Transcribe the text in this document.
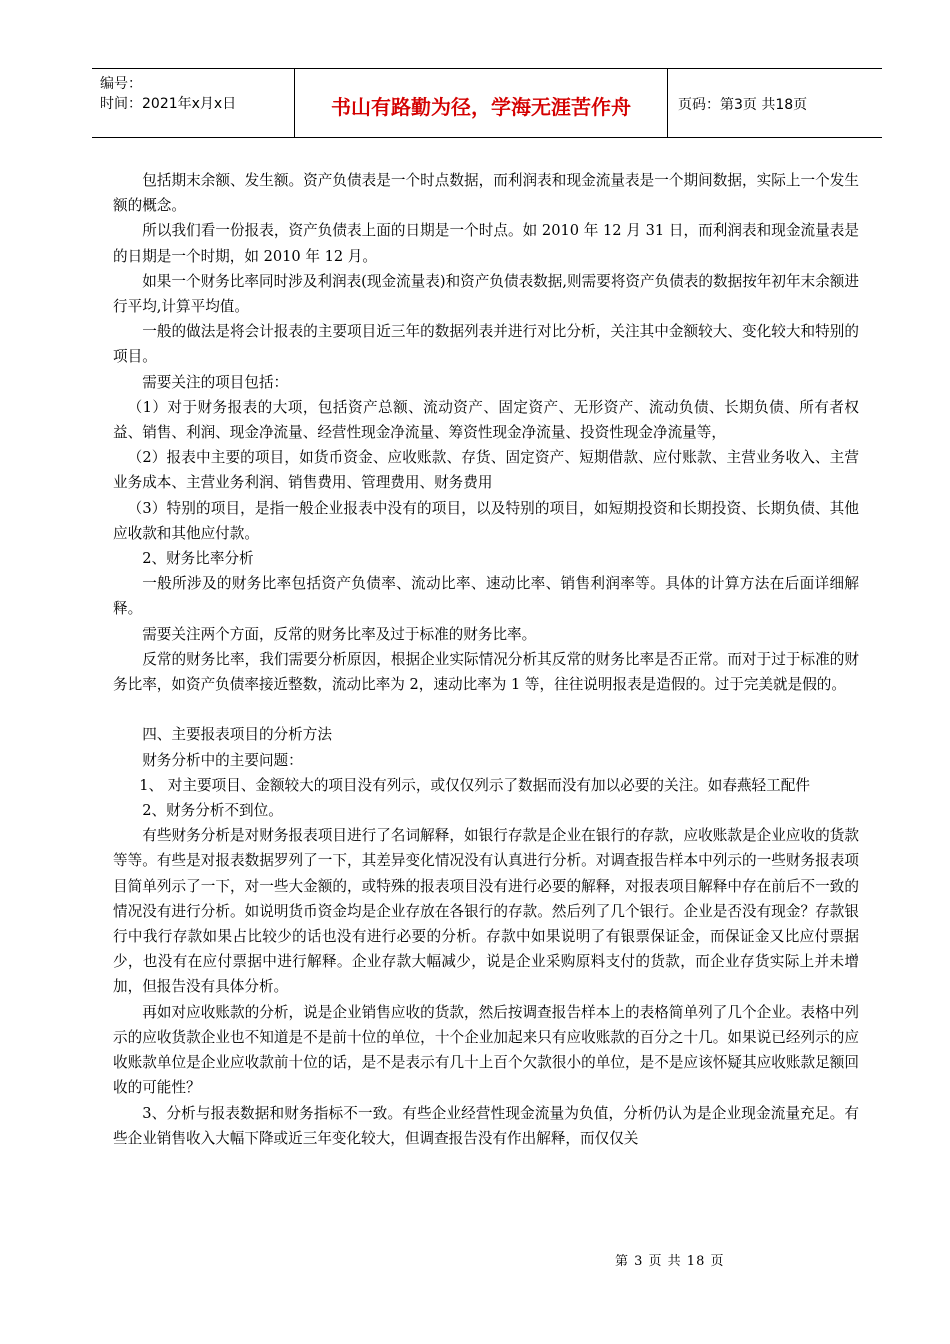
编号：
时间：2021年x月x日	书山有路勤为径，学海无涯苦作舟	页码：第3页 共18页

包括期末余额、发生额。资产负债表是一个时点数据，而利润表和现金流量表是一个期间数据，实际上一个发生额的概念。

所以我们看一份报表，资产负债表上面的日期是一个时点。如 2010 年 12 月 31 日，而利润表和现金流量表是的日期是一个时期，如 2010 年 12 月。

如果一个财务比率同时涉及利润表(现金流量表)和资产负债表数据,则需要将资产负债表的数据按年初年末余额进行平均,计算平均值。

一般的做法是将会计报表的主要项目近三年的数据列表并进行对比分析，关注其中金额较大、变化较大和特别的项目。

需要关注的项目包括：

（1）对于财务报表的大项，包括资产总额、流动资产、固定资产、无形资产、流动负债、长期负债、所有者权益、销售、利润、现金净流量、经营性现金净流量、筹资性现金净流量、投资性现金净流量等，

（2）报表中主要的项目，如货币资金、应收账款、存货、固定资产、短期借款、应付账款、主营业务收入、主营业务成本、主营业务利润、销售费用、管理费用、财务费用

（3）特别的项目，是指一般企业报表中没有的项目，以及特别的项目，如短期投资和长期投资、长期负债、其他应收款和其他应付款。

2、财务比率分析

一般所涉及的财务比率包括资产负债率、流动比率、速动比率、销售利润率等。具体的计算方法在后面详细解释。

需要关注两个方面，反常的财务比率及过于标准的财务比率。

反常的财务比率，我们需要分析原因，根据企业实际情况分析其反常的财务比率是否正常。而对于过于标准的财务比率，如资产负债率接近整数，流动比率为 2，速动比率为 1 等，往往说明报表是造假的。过于完美就是假的。

四、主要报表项目的分析方法

财务分析中的主要问题：

1、 对主要项目、金额较大的项目没有列示，或仅仅列示了数据而没有加以必要的关注。如春燕轻工配件

2、财务分析不到位。

有些财务分析是对财务报表项目进行了名词解释，如银行存款是企业在银行的存款，应收账款是企业应收的货款等等。有些是对报表数据罗列了一下，其差异变化情况没有认真进行分析。对调查报告样本中列示的一些财务报表项目简单列示了一下，对一些大金额的，或特殊的报表项目没有进行必要的解释，对报表项目解释中存在前后不一致的情况没有进行分析。如说明货币资金均是企业存放在各银行的存款。然后列了几个银行。企业是否没有现金？存款银行中我行存款如果占比较少的话也没有进行必要的分析。存款中如果说明了有银票保证金，而保证金又比应付票据少，也没有在应付票据中进行解释。企业存款大幅减少，说是企业采购原料支付的货款，而企业存货实际上并未增加，但报告没有具体分析。

再如对应收账款的分析，说是企业销售应收的货款，然后按调查报告样本上的表格简单列了几个企业。表格中列示的应收货款企业也不知道是不是前十位的单位，十个企业加起来只有应收账款的百分之十几。如果说已经列示的应收账款单位是企业应收款前十位的话，是不是表示有几十上百个欠款很小的单位，是不是应该怀疑其应收账款足额回收的可能性？

3、分析与报表数据和财务指标不一致。有些企业经营性现金流量为负值，分析仍认为是企业现金流量充足。有些企业销售收入大幅下降或近三年变化较大，但调查报告没有作出解释，而仅仅关

第 3 页 共 18 页
